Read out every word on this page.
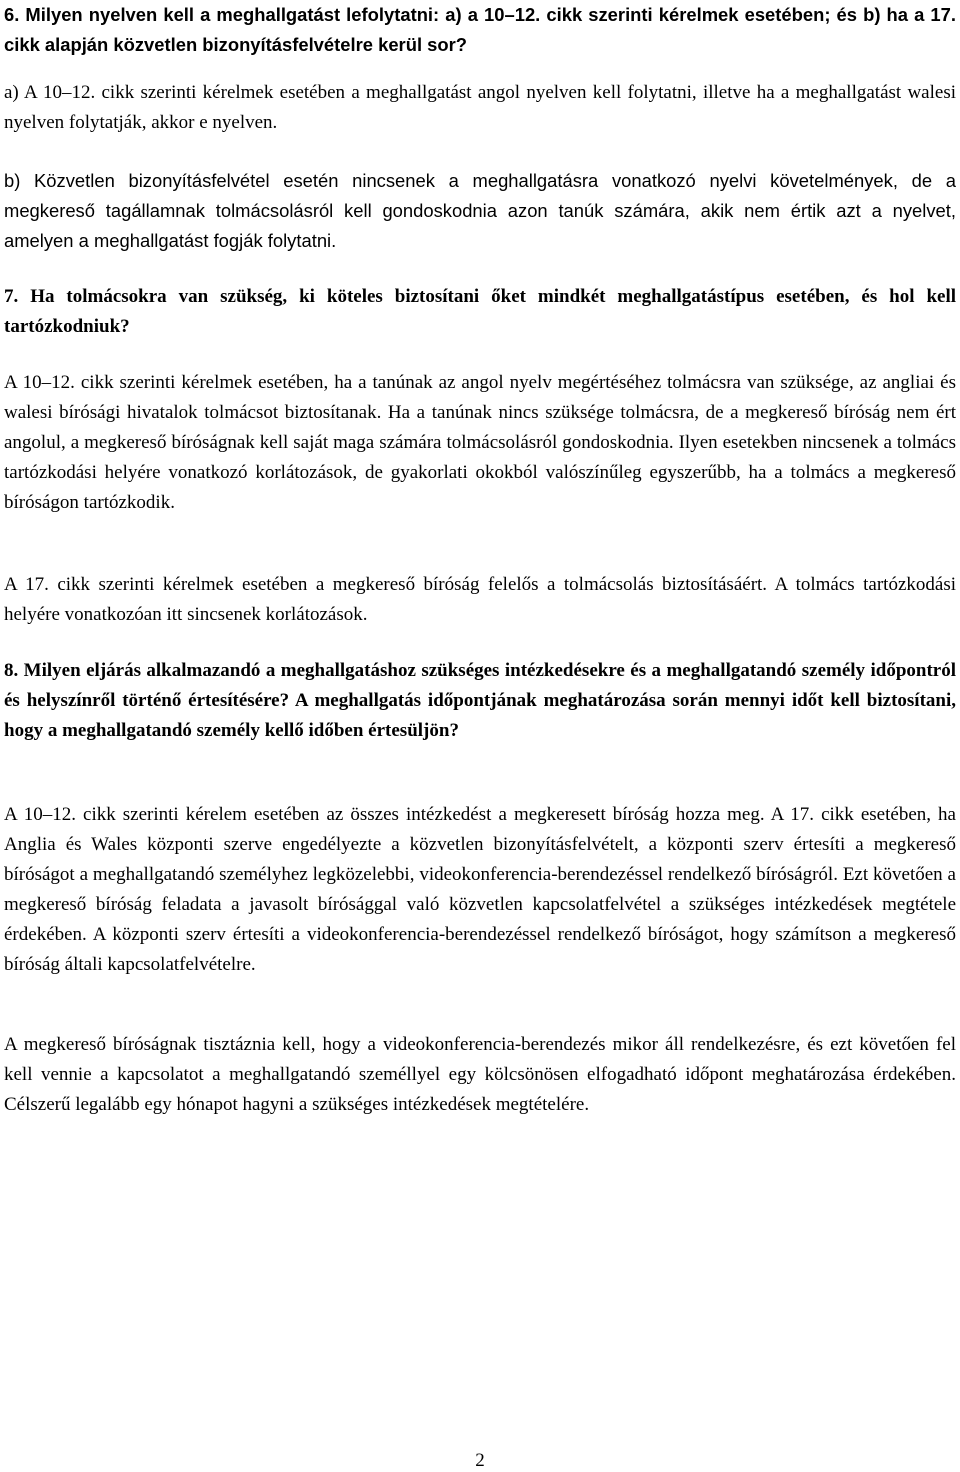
6. Milyen nyelven kell a meghallgatást lefolytatni: a) a 10–12. cikk szerinti kérelmek esetében; és b) ha a 17. cikk alapján közvetlen bizonyításfelvételre kerül sor?

a) A 10–12. cikk szerinti kérelmek esetében a meghallgatást angol nyelven kell folytatni, illetve ha a meghallgatást walesi nyelven folytatják, akkor e nyelven.

b) Közvetlen bizonyításfelvétel esetén nincsenek a meghallgatásra vonatkozó nyelvi követelmények, de a megkereső tagállamnak tolmácsolásról kell gondoskodnia azon tanúk számára, akik nem értik azt a nyelvet, amelyen a meghallgatást fogják folytatni.

7. Ha tolmácsokra van szükség, ki köteles biztosítani őket mindkét meghallgatástípus esetében, és hol kell tartózkodniuk?

A 10–12. cikk szerinti kérelmek esetében, ha a tanúnak az angol nyelv megértéséhez tolmácsra van szüksége, az angliai és walesi bírósági hivatalok tolmácsot biztosítanak. Ha a tanúnak nincs szüksége tolmácsra, de a megkereső bíróság nem ért angolul, a megkereső bíróságnak kell saját maga számára tolmácsolásról gondoskodnia. Ilyen esetekben nincsenek a tolmács tartózkodási helyére vonatkozó korlátozások, de gyakorlati okokból valószínűleg egyszerűbb, ha a tolmács a megkereső bíróságon tartózkodik.

A 17. cikk szerinti kérelmek esetében a megkereső bíróság felelős a tolmácsolás biztosításáért. A tolmács tartózkodási helyére vonatkozóan itt sincsenek korlátozások.

8. Milyen eljárás alkalmazandó a meghallgatáshoz szükséges intézkedésekre és a meghallgatandó személy időpontról és helyszínről történő értesítésére? A meghallgatás időpontjának meghatározása során mennyi időt kell biztosítani, hogy a meghallgatandó személy kellő időben értesüljön?

A 10–12. cikk szerinti kérelem esetében az összes intézkedést a megkeresett bíróság hozza meg. A 17. cikk esetében, ha Anglia és Wales központi szerve engedélyezte a közvetlen bizonyításfelvételt, a központi szerv értesíti a megkereső bíróságot a meghallgatandó személyhez legközelebbi, videokonferencia-berendezéssel rendelkező bíróságról. Ezt követően a megkereső bíróság feladata a javasolt bírósággal való közvetlen kapcsolatfelvétel a szükséges intézkedések megtétele érdekében. A központi szerv értesíti a videokonferencia-berendezéssel rendelkező bíróságot, hogy számítson a megkereső bíróság általi kapcsolatfelvételre.

A megkereső bíróságnak tisztáznia kell, hogy a videokonferencia-berendezés mikor áll rendelkezésre, és ezt követően fel kell vennie a kapcsolatot a meghallgatandó személlyel egy kölcsönösen elfogadható időpont meghatározása érdekében. Célszerű legalább egy hónapot hagyni a szükséges intézkedések megtételére.

2
